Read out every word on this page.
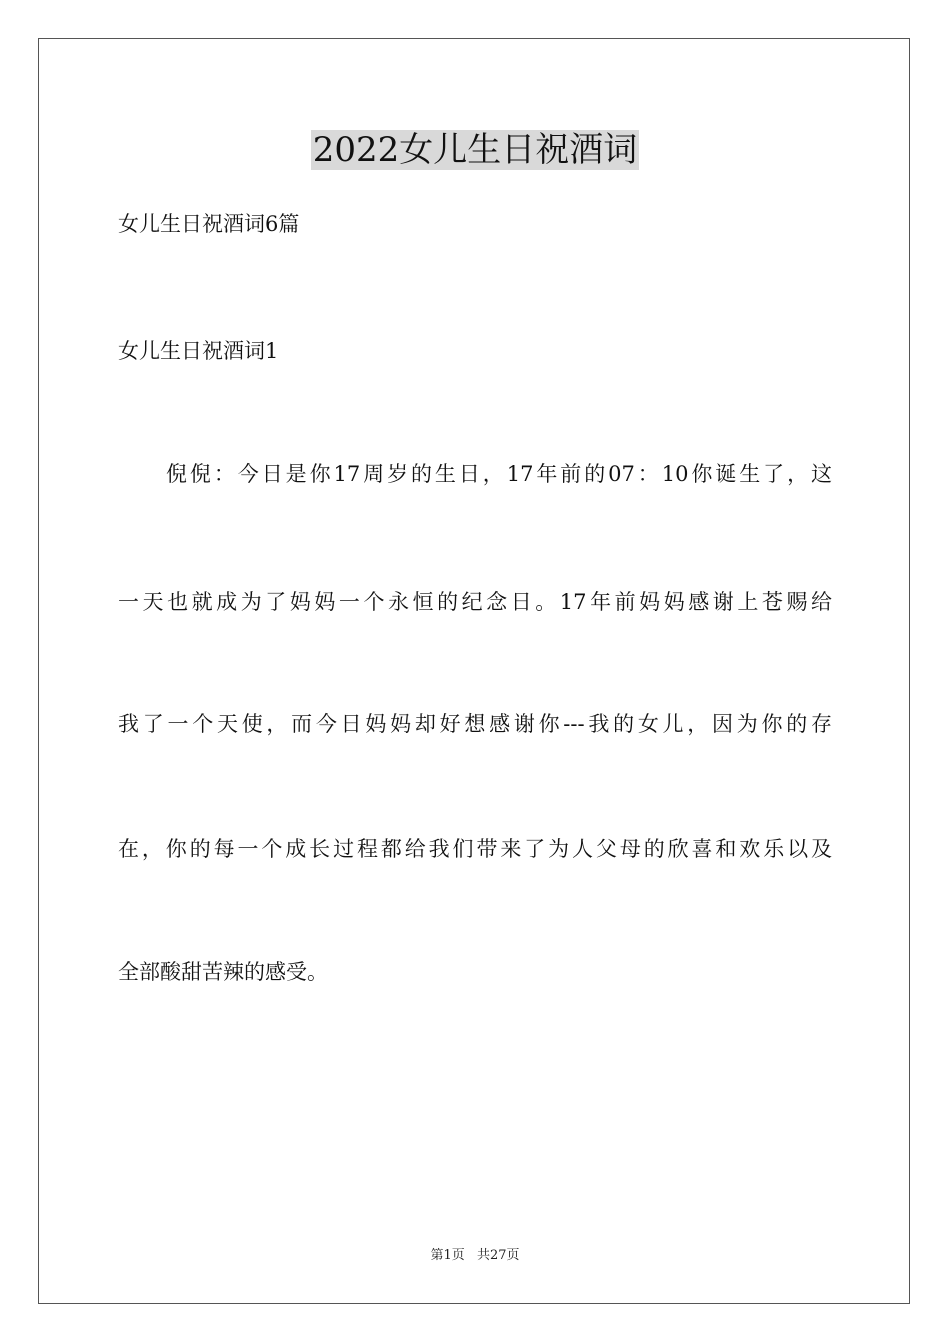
2022女儿生日祝酒词

女儿生日祝酒词6篇

女儿生日祝酒词1

倪倪：今日是你17周岁的生日，17年前的07：10你诞生了，这

一天也就成为了妈妈一个永恒的纪念日。17年前妈妈感谢上苍赐给

我了一个天使，而今日妈妈却好想感谢你---我的女儿，因为你的存

在，你的每一个成长过程都给我们带来了为人父母的欣喜和欢乐以及

全部酸甜苦辣的感受。

第1页 共27页
